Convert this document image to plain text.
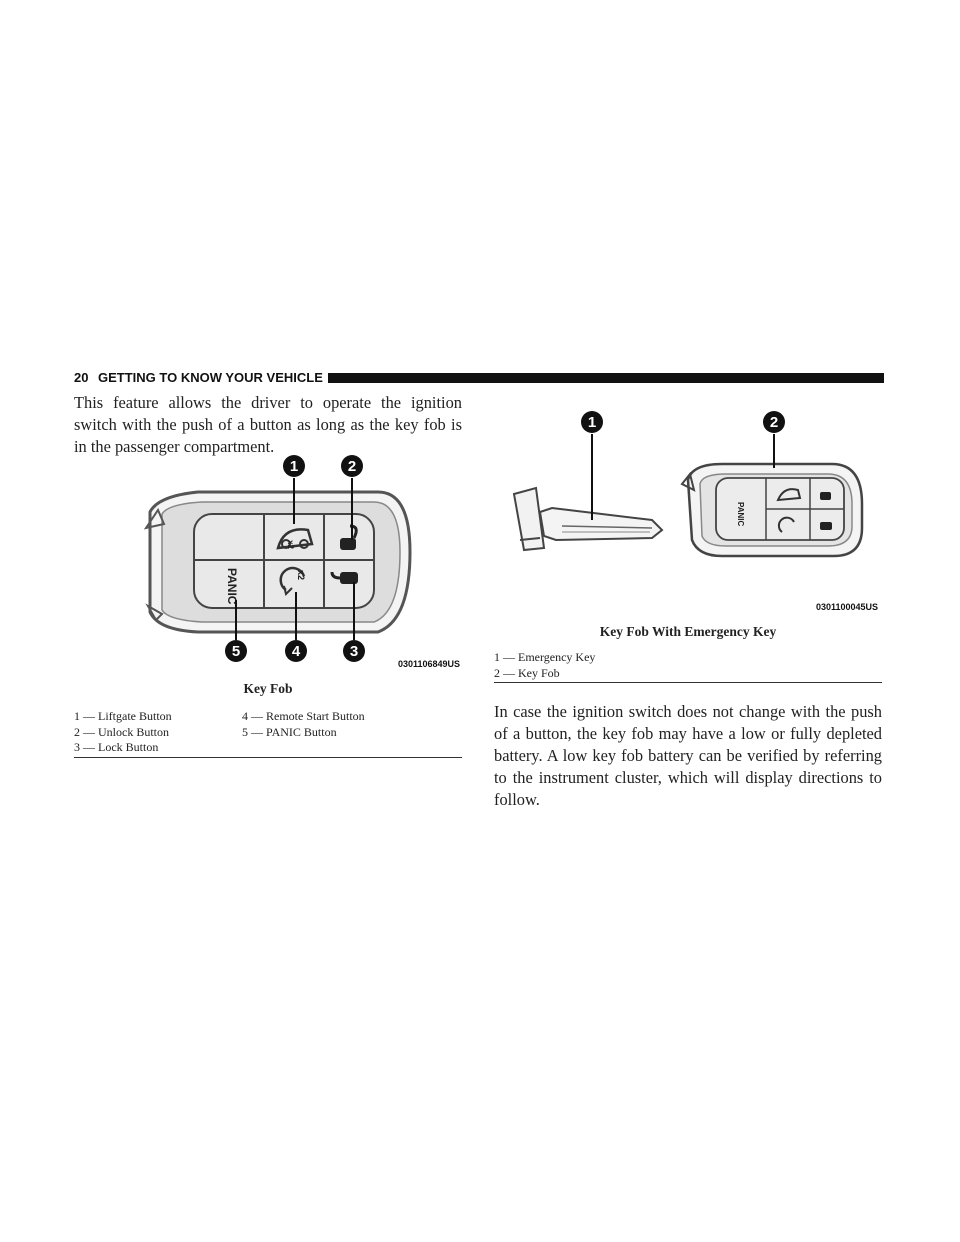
20 GETTING TO KNOW YOUR VEHICLE

This feature allows the driver to operate the ignition switch with the push of a button as long as the key fob is in the passenger compartment.

x2
x2
PANIC
1	2
3
4
5
0301106849US
Key Fob
1 — Liftgate Button
2 — Unlock Button
3 — Lock Button
4 — Remote Start Button
5 — PANIC Button
PANIC
1	2
0301100045US
Key Fob With Emergency Key
1 — Emergency Key
2 — Key Fob

In case the ignition switch does not change with the push of a button, the key fob may have a low or fully depleted battery. A low key fob battery can be verified by referring to the instrument cluster, which will display directions to follow.
